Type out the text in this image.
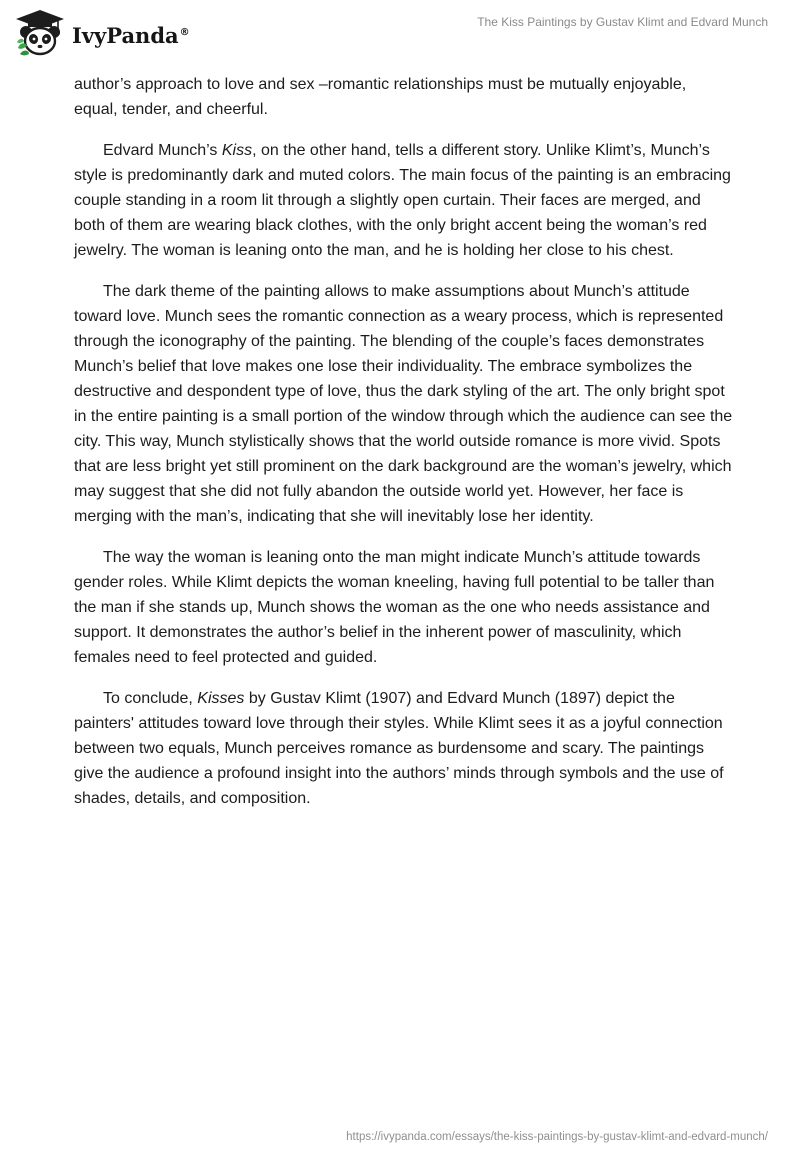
IvyPanda®
The Kiss Paintings by Gustav Klimt and Edvard Munch

author’s approach to love and sex –romantic relationships must be mutually enjoyable, equal, tender, and cheerful.

Edvard Munch’s Kiss, on the other hand, tells a different story. Unlike Klimt’s, Munch’s style is predominantly dark and muted colors. The main focus of the painting is an embracing couple standing in a room lit through a slightly open curtain. Their faces are merged, and both of them are wearing black clothes, with the only bright accent being the woman’s red jewelry. The woman is leaning onto the man, and he is holding her close to his chest.

The dark theme of the painting allows to make assumptions about Munch’s attitude toward love. Munch sees the romantic connection as a weary process, which is represented through the iconography of the painting. The blending of the couple’s faces demonstrates Munch’s belief that love makes one lose their individuality. The embrace symbolizes the destructive and despondent type of love, thus the dark styling of the art. The only bright spot in the entire painting is a small portion of the window through which the audience can see the city. This way, Munch stylistically shows that the world outside romance is more vivid. Spots that are less bright yet still prominent on the dark background are the woman’s jewelry, which may suggest that she did not fully abandon the outside world yet. However, her face is merging with the man’s, indicating that she will inevitably lose her identity.

The way the woman is leaning onto the man might indicate Munch’s attitude towards gender roles. While Klimt depicts the woman kneeling, having full potential to be taller than the man if she stands up, Munch shows the woman as the one who needs assistance and support. It demonstrates the author’s belief in the inherent power of masculinity, which females need to feel protected and guided.

To conclude, Kisses by Gustav Klimt (1907) and Edvard Munch (1897) depict the painters' attitudes toward love through their styles. While Klimt sees it as a joyful connection between two equals, Munch perceives romance as burdensome and scary. The paintings give the audience a profound insight into the authors’ minds through symbols and the use of shades, details, and composition.

https://ivypanda.com/essays/the-kiss-paintings-by-gustav-klimt-and-edvard-munch/
